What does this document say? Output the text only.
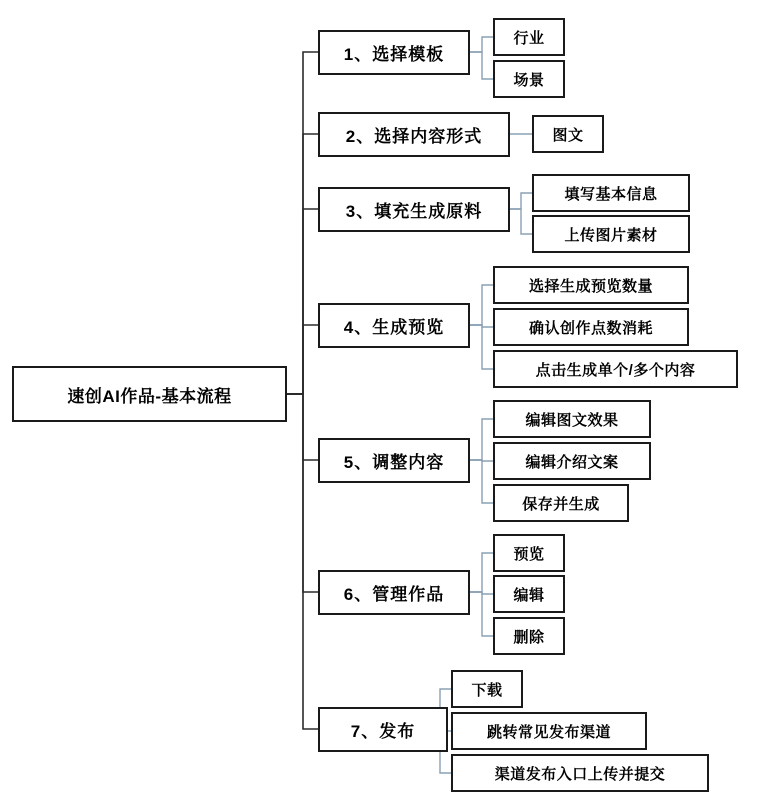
速创AI作品-基本流程
1、选择模板
行业
场景
2、选择内容形式	图文
3、填充生成原料
填写基本信息
上传图片素材
4、生成预览
选择生成预览数量
确认创作点数消耗
点击生成单个/多个内容
5、调整内容
编辑图文效果
编辑介绍文案
保存并生成
6、管理作品
预览
编辑
删除
7、发布
下载
跳转常见发布渠道
渠道发布入口上传并提交
